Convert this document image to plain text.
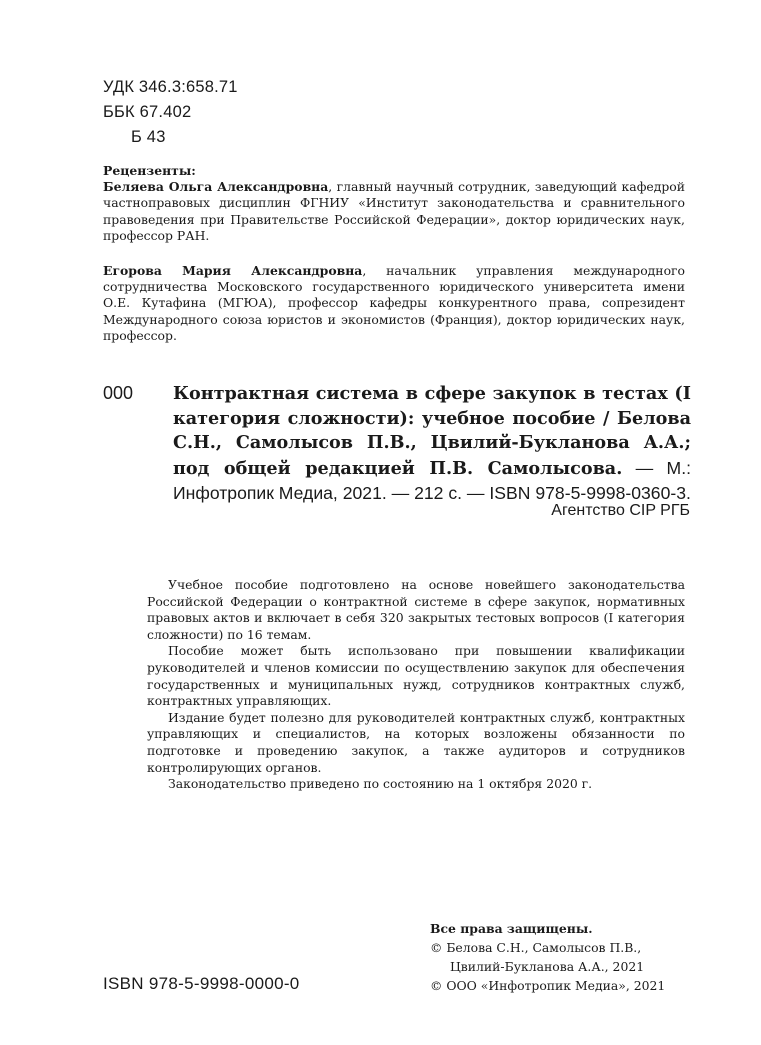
УДК 346.3:658.71
ББК 67.402
Б 43
Рецензенты:
Беляева Ольга Александровна, главный научный сотрудник, заведующий кафедрой частноправовых дисциплин ФГНИУ «Институт законодательства и сравнительного правоведения при Правительстве Российской Федерации», доктор юридических наук, профессор РАН.
Егорова Мария Александровна, начальник управления международного сотрудничества Московского государственного юридического университета имени О.Е. Кутафина (МГЮА), профессор кафедры конкурентного права, сопрезидент Международного союза юристов и экономистов (Франция), доктор юридических наук, профессор.
000 Контрактная система в сфере закупок в тестах (I категория сложности): учебное пособие / Белова С.Н., Самолысов П.В., Цвилий-Букланова А.А.; под общей редакцией П.В. Самолысова. — М.: Инфотропик Медиа, 2021. — 212 с. — ISBN 978-5-9998-0360-3.
Агентство CIP РГБ

Учебное пособие подготовлено на основе новейшего законодательства Российской Федерации о контрактной системе в сфере закупок, нормативных правовых актов и включает в себя 320 закрытых тестовых вопросов (I категория сложности) по 16 темам.

Пособие может быть использовано при повышении квалификации руководителей и членов комиссии по осуществлению закупок для обеспечения государственных и муниципальных нужд, сотрудников контрактных служб, контрактных управляющих.

Издание будет полезно для руководителей контрактных служб, контрактных управляющих и специалистов, на которых возложены обязанности по подготовке и проведению закупок, а также аудиторов и сотрудников контролирующих органов.

Законодательство приведено по состоянию на 1 октября 2020 г.

ISBN 978-5-9998-0000-0
Все права защищены.
© Белова С.Н., Самолысов П.В.,
Цвилий-Букланова А.А., 2021
© ООО «Инфотропик Медиа», 2021
